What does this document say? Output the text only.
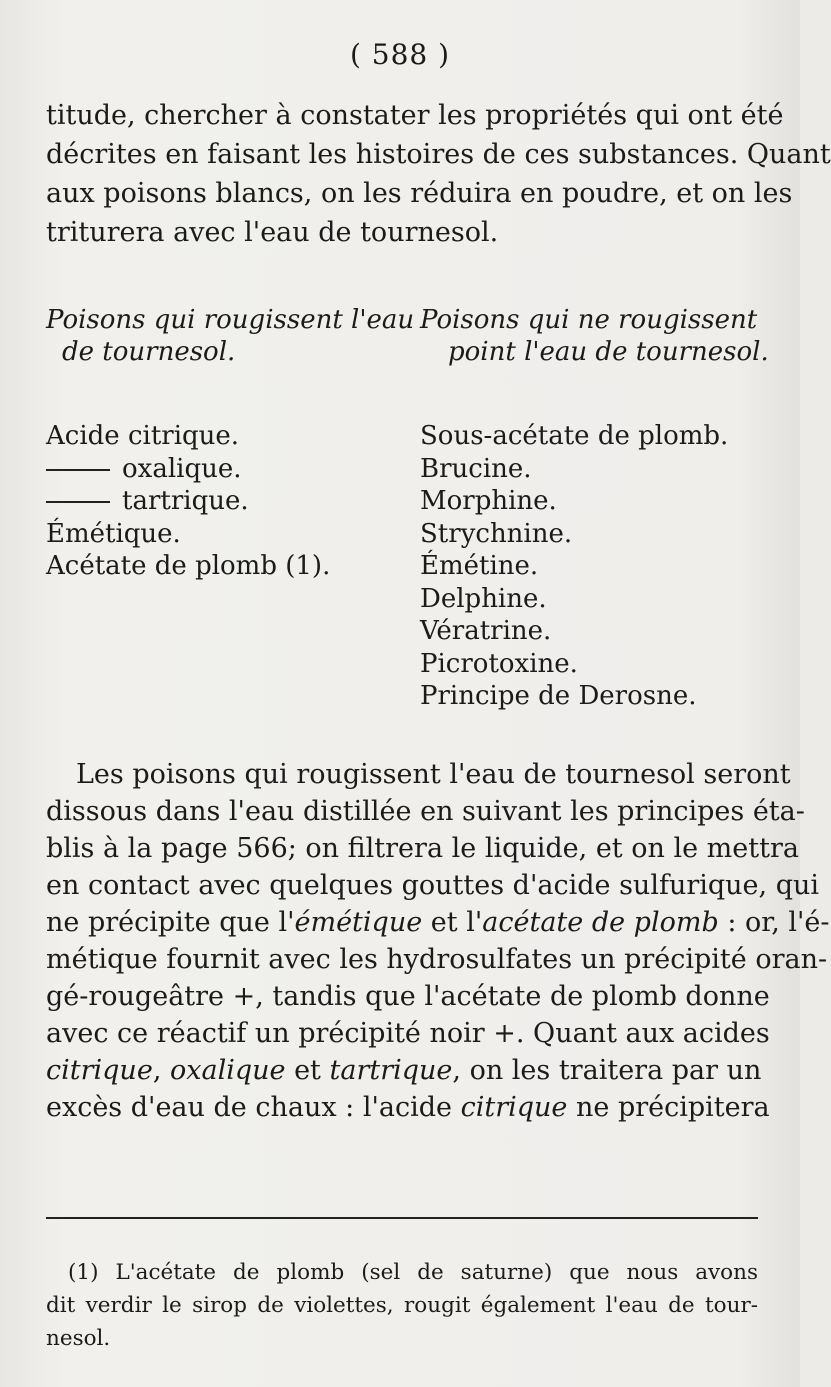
( 588 )
titude, chercher à constater les propriétés qui ont été
décrites en faisant les histoires de ces substances. Quant
aux poisons blancs, on les réduira en poudre, et on les
triturera avec l'eau de tournesol.
Poisons qui rougissent l'eau
de tournesol.
Poisons qui ne rougissent
point l'eau de tournesol.
Acide citrique.
oxalique.
tartrique.
Émétique.
Acétate de plomb (1).
Sous-acétate de plomb.
Brucine.
Morphine.
Strychnine.
Émétine.
Delphine.
Vératrine.
Picrotoxine.
Principe de Derosne.
Les poisons qui rougissent l'eau de tournesol seront
dissous dans l'eau distillée en suivant les principes éta-
blis à la page 566; on filtrera le liquide, et on le mettra
en contact avec quelques gouttes d'acide sulfurique, qui
ne précipite que l'émétique et l'acétate de plomb : or, l'é-
métique fournit avec les hydrosulfates un précipité oran-
gé-rougeâtre +, tandis que l'acétate de plomb donne
avec ce réactif un précipité noir +. Quant aux acides
citrique, oxalique et tartrique, on les traitera par un
excès d'eau de chaux : l'acide citrique ne précipitera
(1) L'acétate de plomb (sel de saturne) que nous avons
dit verdir le sirop de violettes, rougit également l'eau de tour-
nesol.
